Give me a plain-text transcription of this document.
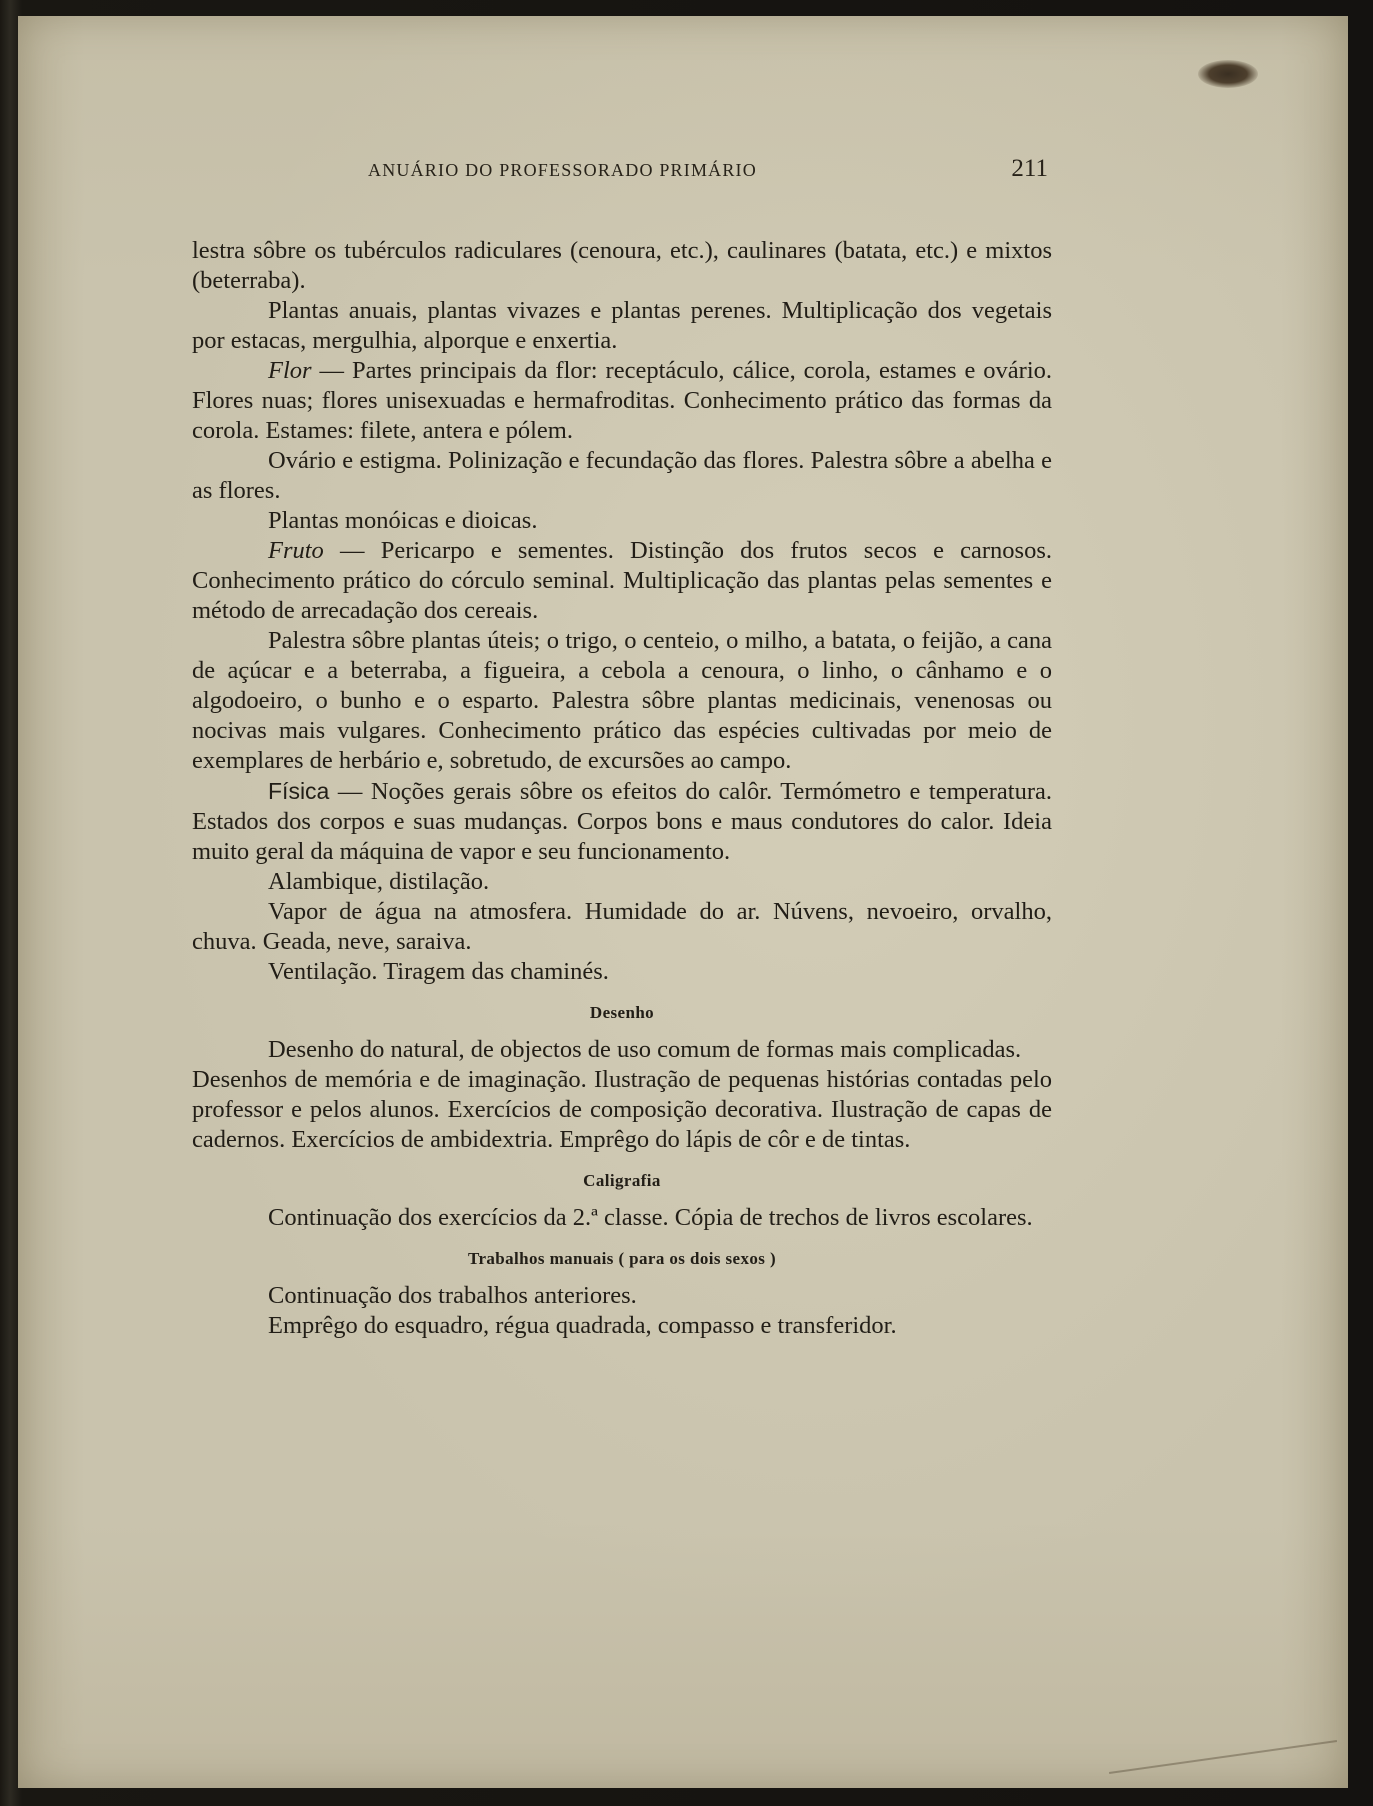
ANUÁRIO DO PROFESSORADO PRIMÁRIO	211

lestra sôbre os tubérculos radiculares (cenoura, etc.), caulinares (batata, etc.) e mixtos (beterraba).

Plantas anuais, plantas vivazes e plantas perenes. Multiplicação dos vegetais por estacas, mergulhia, alporque e enxertia.

Flor — Partes principais da flor: receptáculo, cálice, corola, estames e ovário. Flores nuas; flores unisexuadas e hermafroditas. Conhecimento prático das formas da corola. Estames: filete, antera e pólem.

Ovário e estigma. Polinização e fecundação das flores. Palestra sôbre a abelha e as flores.

Plantas monóicas e dioicas.

Fruto — Pericarpo e sementes. Distinção dos frutos secos e carnosos. Conhecimento prático do córculo seminal. Multiplicação das plantas pelas sementes e método de arrecadação dos cereais.

Palestra sôbre plantas úteis; o trigo, o centeio, o milho, a batata, o feijão, a cana de açúcar e a beterraba, a figueira, a cebola a cenoura, o linho, o cânhamo e o algodoeiro, o bunho e o esparto. Palestra sôbre plantas medicinais, venenosas ou nocivas mais vulgares. Conhecimento prático das espécies cultivadas por meio de exemplares de herbário e, sobretudo, de excursões ao campo.

Física — Noções gerais sôbre os efeitos do calôr. Termómetro e temperatura. Estados dos corpos e suas mudanças. Corpos bons e maus condutores do calor. Ideia muito geral da máquina de vapor e seu funcionamento.

Alambique, distilação.

Vapor de água na atmosfera. Humidade do ar. Núvens, nevoeiro, orvalho, chuva. Geada, neve, saraiva.

Ventilação. Tiragem das chaminés.

Desenho

Desenho do natural, de objectos de uso comum de formas mais complicadas.

Desenhos de memória e de imaginação. Ilustração de pequenas histórias contadas pelo professor e pelos alunos. Exercícios de composição decorativa. Ilustração de capas de cadernos. Exercícios de ambidextria. Emprêgo do lápis de côr e de tintas.

Caligrafia

Continuação dos exercícios da 2.ª classe. Cópia de trechos de livros escolares.

Trabalhos manuais ( para os dois sexos )

Continuação dos trabalhos anteriores.

Emprêgo do esquadro, régua quadrada, compasso e transferidor.
